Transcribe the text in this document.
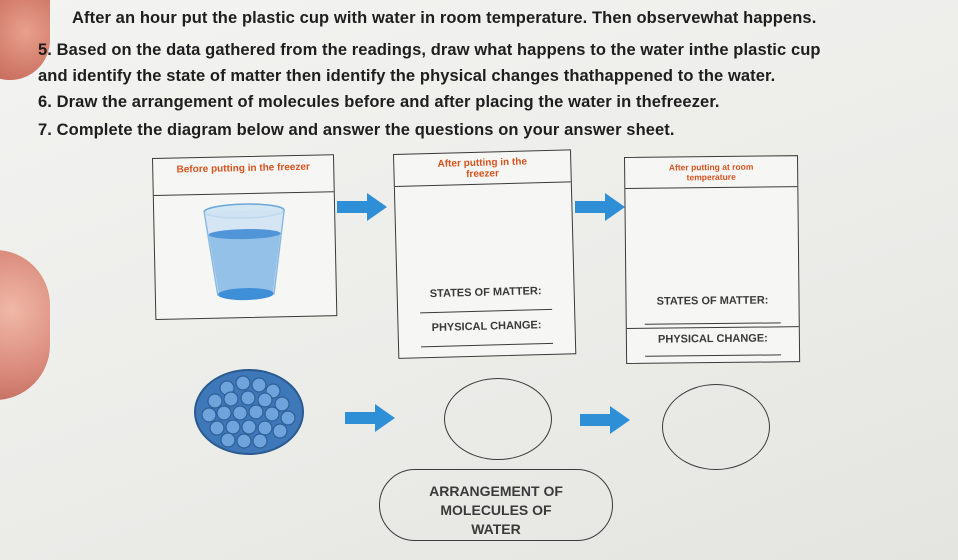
After an hour put the plastic cup with water in room temperature. Then observewhat happens.
5. Based on the data gathered from the readings, draw what happens to the water inthe plastic cup
and identify the state of matter then identify the physical changes thathappened to the water.
6. Draw the arrangement of molecules before and after placing the water in thefreezer.
7. Complete the diagram below and answer the questions on your answer sheet.
Before putting in the freezer	After putting in the freezer
STATES OF MATTER:
PHYSICAL CHANGE:
After putting at room temperature
STATES OF MATTER:
PHYSICAL CHANGE:
ARRANGEMENT OF
MOLECULES OF
WATER
